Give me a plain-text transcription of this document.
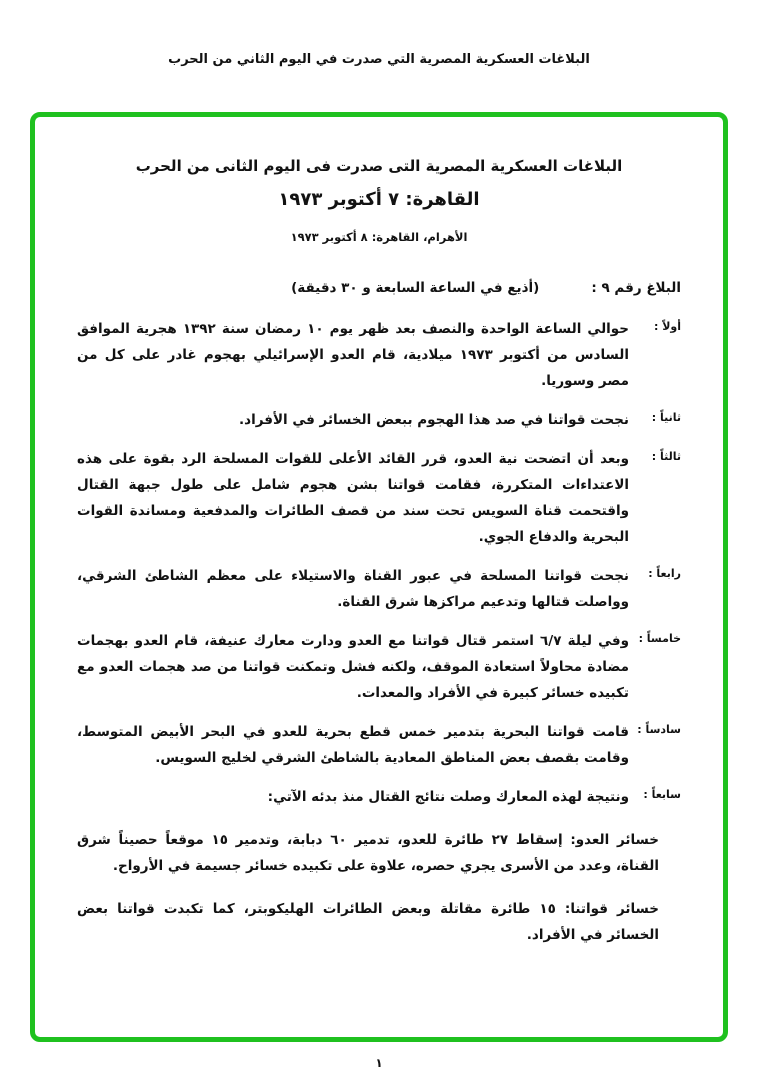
البلاغات العسكرية المصرية التي صدرت في اليوم الثاني من الحرب
البلاغات العسكرية المصرية التى صدرت فى اليوم الثانى من الحرب
القاهرة: ٧ أكتوبر ١٩٧٣
الأهرام، القاهرة: ٨ أكتوبر ١٩٧٣
البلاغ رقم ٩ :
(أذيع في الساعة السابعة و ٣٠ دقيقة)
أولاً :
حوالي الساعة الواحدة والنصف بعد ظهر يوم ١٠ رمضان سنة ١٣٩٢ هجرية الموافق السادس من أكتوبر ١٩٧٣ ميلادية، قام العدو الإسرائيلي بهجوم غادر على كل من مصر وسوريا.
ثانياً :
نجحت قواتنا في صد هذا الهجوم ببعض الخسائر في الأفراد.
ثالثاً :
وبعد أن اتضحت نية العدو، قرر القائد الأعلى للقوات المسلحة الرد بقوة على هذه الاعتداءات المتكررة، فقامت قواتنا بشن هجوم شامل على طول جبهة القتال واقتحمت قناة السويس تحت سند من قصف الطائرات والمدفعية ومساندة القوات البحرية والدفاع الجوي.
رابعاً :
نجحت قواتنا المسلحة في عبور القناة والاستيلاء على معظم الشاطئ الشرقي، وواصلت قتالها وتدعيم مراكزها شرق القناة.
خامساً :
وفي ليلة ٦/٧ استمر قتال قواتنا مع العدو ودارت معارك عنيفة، قام العدو بهجمات مضادة محاولاً استعادة الموقف، ولكنه فشل وتمكنت قواتنا من صد هجمات العدو مع تكبيده خسائر كبيرة في الأفراد والمعدات.
سادساً :
قامت قواتنا البحرية بتدمير خمس قطع بحرية للعدو في البحر الأبيض المتوسط، وقامت بقصف بعض المناطق المعادية بالشاطئ الشرقي لخليج السويس.
سابعاً :
ونتيجة لهذه المعارك وصلت نتائج القتال منذ بدئه الآتي:
خسائر العدو: إسقاط ٢٧ طائرة للعدو، تدمير ٦٠ دبابة، وتدمير ١٥ موقعاً حصيناً شرق القناة، وعدد من الأسرى يجري حصره، علاوة على تكبيده خسائر جسيمة في الأرواح.
خسائر قواتنا: ١٥ طائرة مقاتلة وبعض الطائرات الهليكوبتر، كما تكبدت قواتنا بعض الخسائر في الأفراد.
١
